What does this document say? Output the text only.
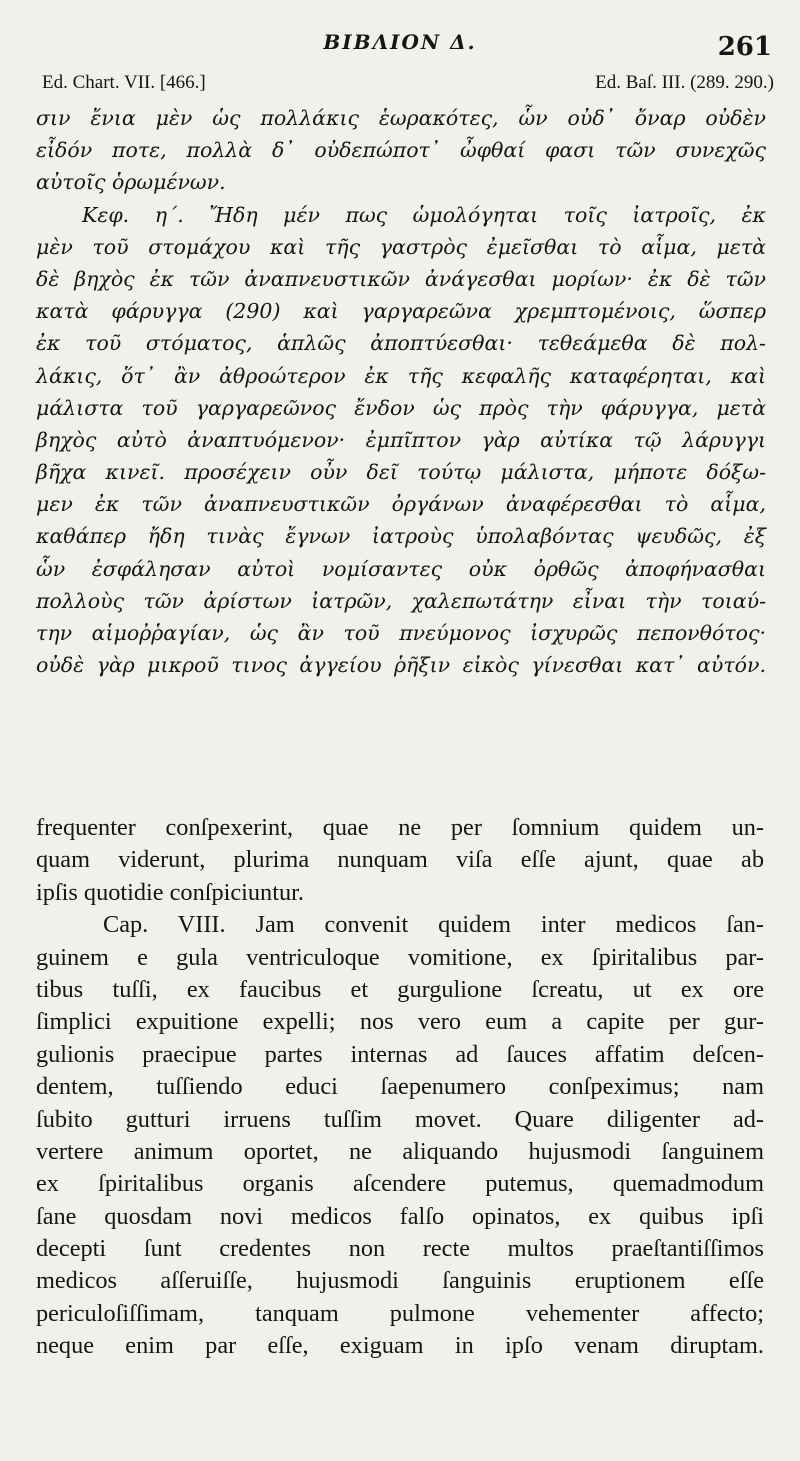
ΒΙΒΛΙΟΝ Δ.	261
Ed. Chart. VII. [466.]	Ed. Baſ. III. (289. 290.)
σιν ἔνια μὲν ὡς πολλάκις ἑωρακότες, ὧν οὐδ᾽ ὄναρ οὐδὲν
εἶδόν ποτε, πολλὰ δ᾽ οὐδεπώποτ᾽ ὦφθαί φασι τῶν συνεχῶς
αὐτοῖς ὁρωμένων.
Κεφ. η΄. Ἤδη μέν πως ὡμολόγηται τοῖς ἰατροῖς, ἐκ
μὲν τοῦ στομάχου καὶ τῆς γαστρὸς ἐμεῖσθαι τὸ αἷμα, μετὰ
δὲ βηχὸς ἐκ τῶν ἀναπνευστικῶν ἀνάγεσθαι μορίων· ἐκ δὲ τῶν
κατὰ φάρυγγα (290) καὶ γαργαρεῶνα χρεμπτομένοις, ὥσπερ
ἐκ τοῦ στόματος, ἁπλῶς ἀποπτύεσθαι· τεθεάμεθα δὲ πολ-
λάκις, ὅτ᾽ ἂν ἀθροώτερον ἐκ τῆς κεφαλῆς καταφέρηται, καὶ
μάλιστα τοῦ γαργαρεῶνος ἔνδον ὡς πρὸς τὴν φάρυγγα, μετὰ
βηχὸς αὐτὸ ἀναπτυόμενον· ἐμπῖπτον γὰρ αὐτίκα τῷ λάρυγγι
βῆχα κινεῖ. προσέχειν οὖν δεῖ τούτῳ μάλιστα, μήποτε δόξω-
μεν ἐκ τῶν ἀναπνευστικῶν ὀργάνων ἀναφέρεσθαι τὸ αἷμα,
καθάπερ ἤδη τινὰς ἔγνων ἰατροὺς ὑπολαβόντας ψευδῶς, ἐξ
ὧν ἐσφάλησαν αὐτοὶ νομίσαντες οὐκ ὀρθῶς ἀποφήνασθαι
πολλοὺς τῶν ἀρίστων ἰατρῶν, χαλεπωτάτην εἶναι τὴν τοιαύ-
την αἱμοῤῥαγίαν, ὡς ἂν τοῦ πνεύμονος ἰσχυρῶς πεπονθότος·
οὐδὲ γὰρ μικροῦ τινος ἀγγείου ῥῆξιν εἰκὸς γίνεσθαι κατ᾽ αὐτόν.
frequenter conſpexerint, quae ne per ſomnium quidem un-
quam viderunt, plurima nunquam viſa eſſe ajunt, quae ab
ipſis quotidie conſpiciuntur.
Cap. VIII. Jam convenit quidem inter medicos ſan-
guinem e gula ventriculoque vomitione, ex ſpiritalibus par-
tibus tuſſi, ex faucibus et gurgulione ſcreatu, ut ex ore
ſimplici expuitione expelli; nos vero eum a capite per gur-
gulionis praecipue partes internas ad ſauces affatim deſcen-
dentem, tuſſiendo educi ſaepenumero conſpeximus; nam
ſubito gutturi irruens tuſſim movet. Quare diligenter ad-
vertere animum oportet, ne aliquando hujusmodi ſanguinem
ex ſpiritalibus organis aſcendere putemus, quemadmodum
ſane quosdam novi medicos falſo opinatos, ex quibus ipſi
decepti ſunt credentes non recte multos praeſtantiſſimos
medicos aſſeruiſſe, hujusmodi ſanguinis eruptionem eſſe
periculoſiſſimam, tanquam pulmone vehementer affecto;
neque enim par eſſe, exiguam in ipſo venam diruptam.
